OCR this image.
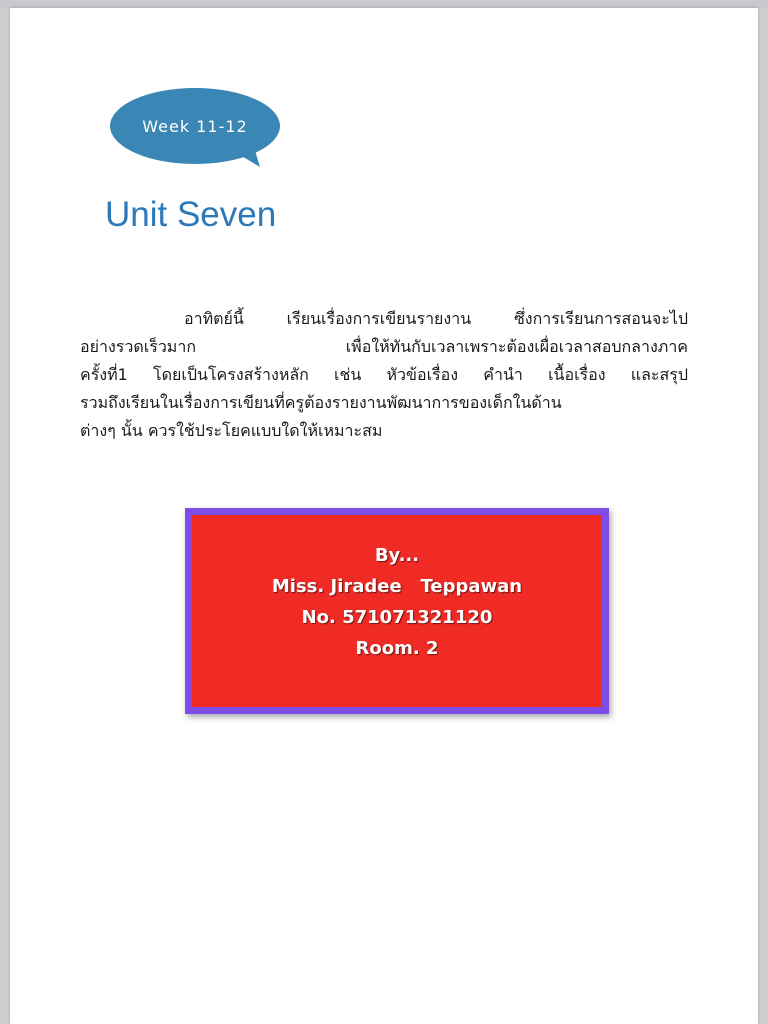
Week 11-12
Unit Seven
อาทิตย์นี้ เรียนเรื่องการเขียนรายงาน ซึ่งการเรียนการสอนจะไป
อย่างรวดเร็วมาก เพื่อให้ทันกับเวลาเพราะต้องเผื่อเวลาสอบกลางภาค
ครั้งที่1 โดยเป็นโครงสร้างหลัก เช่น หัวข้อเรื่อง คำนำ เนื้อเรื่อง และสรุป
รวมถึงเรียนในเรื่องการเขียนที่ครูต้องรายงานพัฒนาการของเด็กในด้าน
ต่างๆ นั้น ควรใช้ประโยคแบบใดให้เหมาะสม
By...
Miss. Jiradee   Teppawan
No. 571071321120
Room. 2
